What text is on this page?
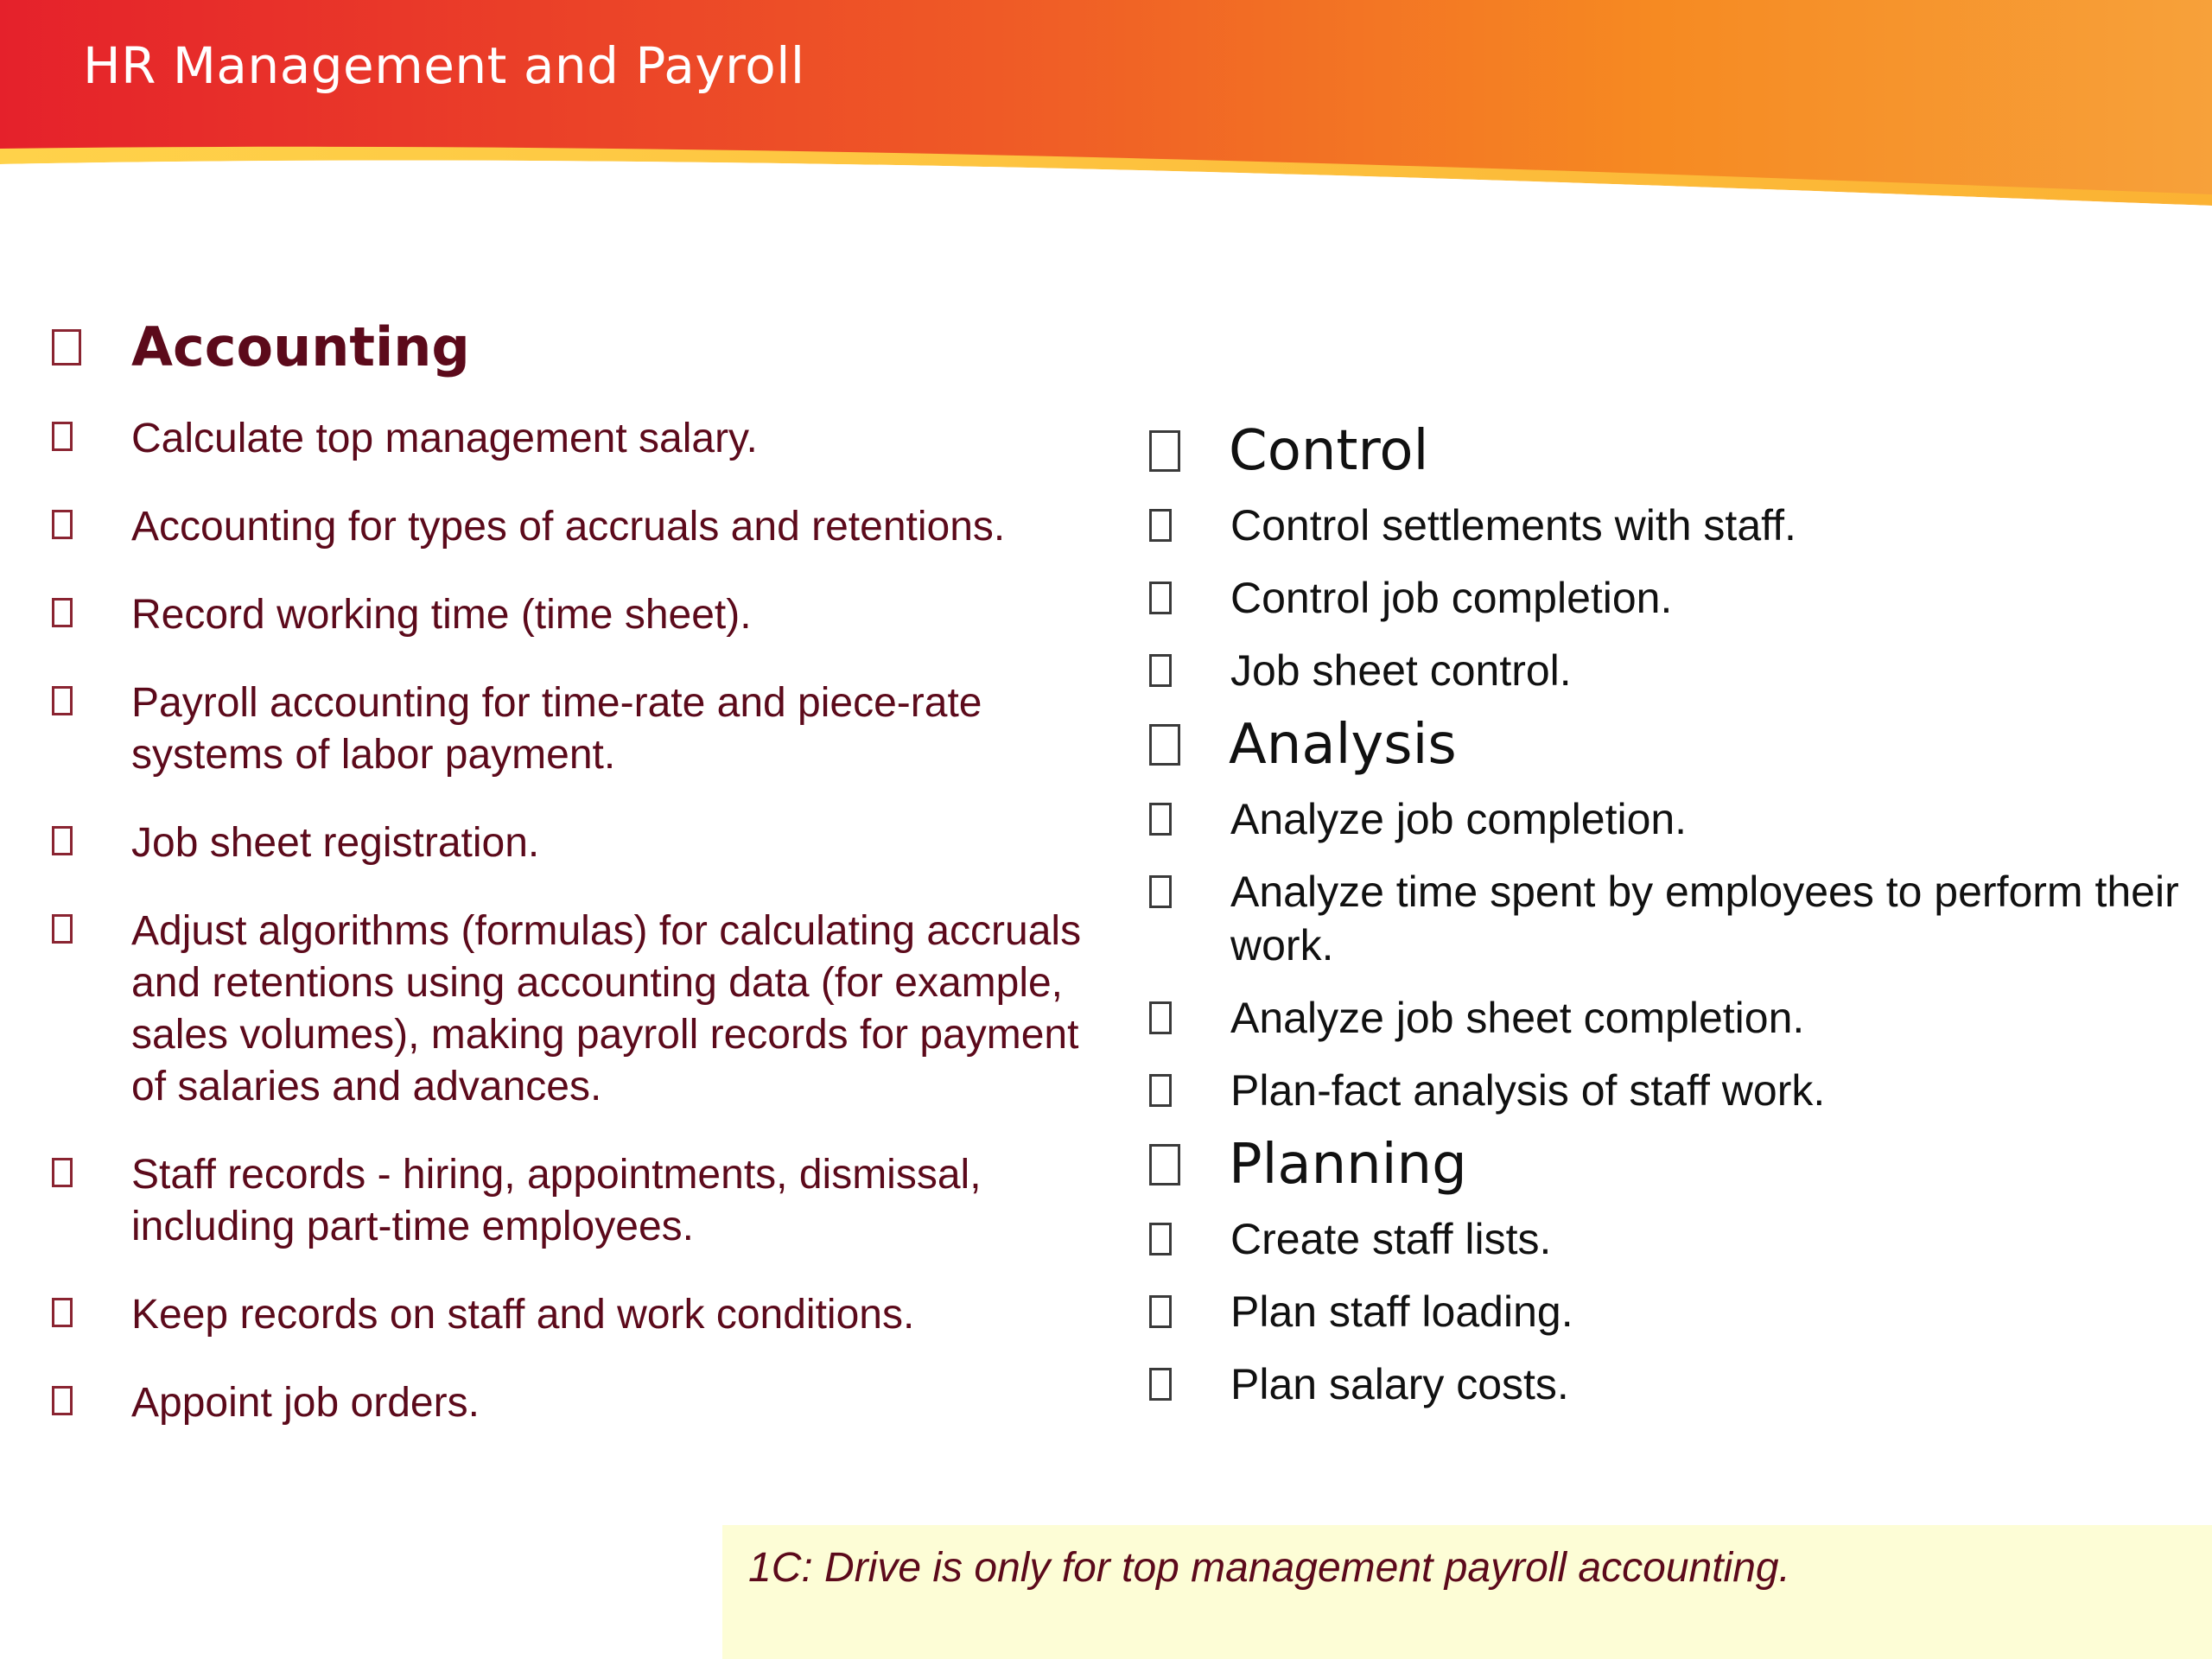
HR Management and Payroll
Accounting
Calculate top management salary.
Accounting for types of accruals and retentions.
Record working time (time sheet).
Payroll accounting for time-rate and piece-rate systems of labor payment.
Job sheet registration.
Adjust algorithms (formulas) for calculating accruals and retentions using accounting data (for example, sales volumes), making payroll records for payment of salaries and advances.
Staff records - hiring, appointments, dismissal, including part-time employees.
Keep records on staff and work conditions.
Appoint job orders.
Control
Control settlements with staff.
Control job completion.
Job sheet control.
Analysis
Analyze job completion.
Analyze time spent by employees to perform their work.
Analyze job sheet completion.
Plan-fact analysis of staff work.
Planning
Create staff lists.
Plan staff loading.
Plan salary costs.
1C: Drive is only for top management payroll accounting.
